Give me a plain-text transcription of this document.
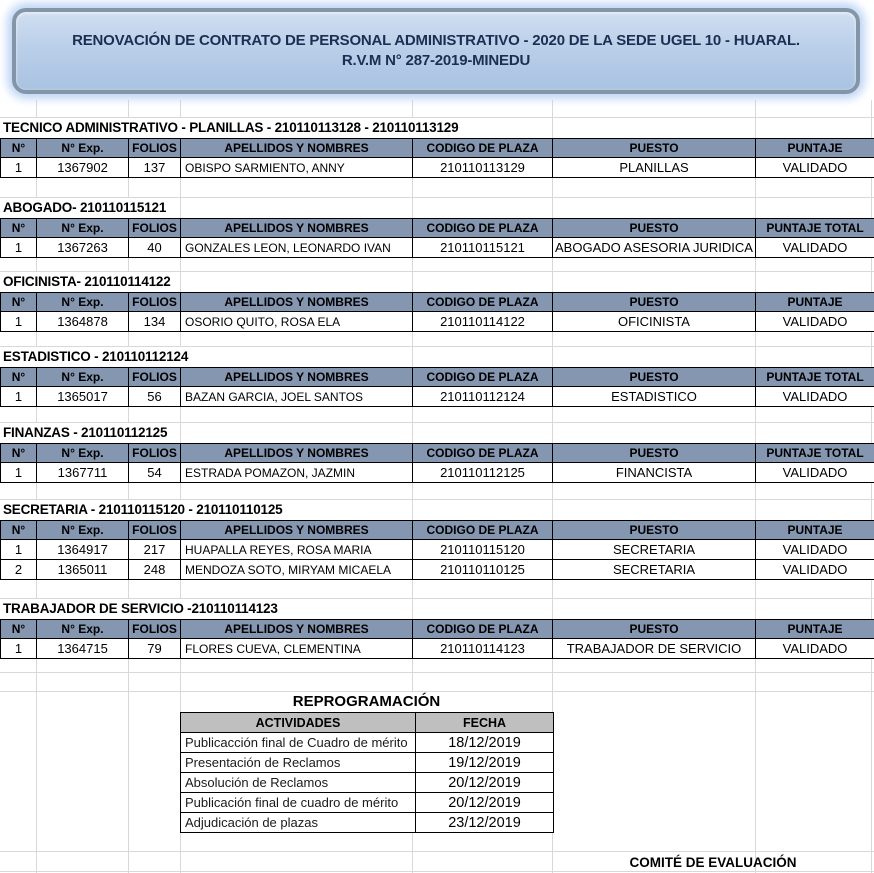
RENOVACIÓN DE CONTRATO DE PERSONAL ADMINISTRATIVO - 2020 DE LA SEDE UGEL 10 - HUARAL.
R.V.M N° 287-2019-MINEDU
TECNICO ADMINISTRATIVO - PLANILLAS - 210110113128 - 210110113129
N°	N° Exp.	FOLIOS	APELLIDOS Y NOMBRES	CODIGO DE PLAZA	PUESTO	PUNTAJE
1	1367902	137	OBISPO SARMIENTO, ANNY	210110113129	PLANILLAS	VALIDADO
ABOGADO- 210110115121
N°	N° Exp.	FOLIOS	APELLIDOS Y NOMBRES	CODIGO DE PLAZA	PUESTO	PUNTAJE TOTAL
1	1367263	40	GONZALES LEON, LEONARDO IVAN	210110115121	ABOGADO ASESORIA JURIDICA	VALIDADO
OFICINISTA- 210110114122
N°	N° Exp.	FOLIOS	APELLIDOS Y NOMBRES	CODIGO DE PLAZA	PUESTO	PUNTAJE
1	1364878	134	OSORIO QUITO, ROSA ELA	210110114122	OFICINISTA	VALIDADO
ESTADISTICO - 210110112124
N°	N° Exp.	FOLIOS	APELLIDOS Y NOMBRES	CODIGO DE PLAZA	PUESTO	PUNTAJE TOTAL
1	1365017	56	BAZAN GARCIA, JOEL SANTOS	210110112124	ESTADISTICO	VALIDADO
FINANZAS - 210110112125
N°	N° Exp.	FOLIOS	APELLIDOS Y NOMBRES	CODIGO DE PLAZA	PUESTO	PUNTAJE TOTAL
1	1367711	54	ESTRADA POMAZON, JAZMIN	210110112125	FINANCISTA	VALIDADO
SECRETARIA - 210110115120 - 210110110125
N°	N° Exp.	FOLIOS	APELLIDOS Y NOMBRES	CODIGO DE PLAZA	PUESTO	PUNTAJE
1	1364917	217	HUAPALLA REYES, ROSA MARIA	210110115120	SECRETARIA	VALIDADO
2	1365011	248	MENDOZA SOTO, MIRYAM MICAELA	210110110125	SECRETARIA	VALIDADO
TRABAJADOR DE SERVICIO -210110114123
N°	N° Exp.	FOLIOS	APELLIDOS Y NOMBRES	CODIGO DE PLAZA	PUESTO	PUNTAJE
1	1364715	79	FLORES CUEVA, CLEMENTINA	210110114123	TRABAJADOR DE SERVICIO	VALIDADO
REPROGRAMACIÓN
ACTIVIDADES	FECHA
Publicacción final de Cuadro de mérito	18/12/2019
Presentación de Reclamos	19/12/2019
Absolución de Reclamos	20/12/2019
Publicación final de cuadro de mérito	20/12/2019
Adjudicación de plazas	23/12/2019
COMITÉ DE EVALUACIÓN
